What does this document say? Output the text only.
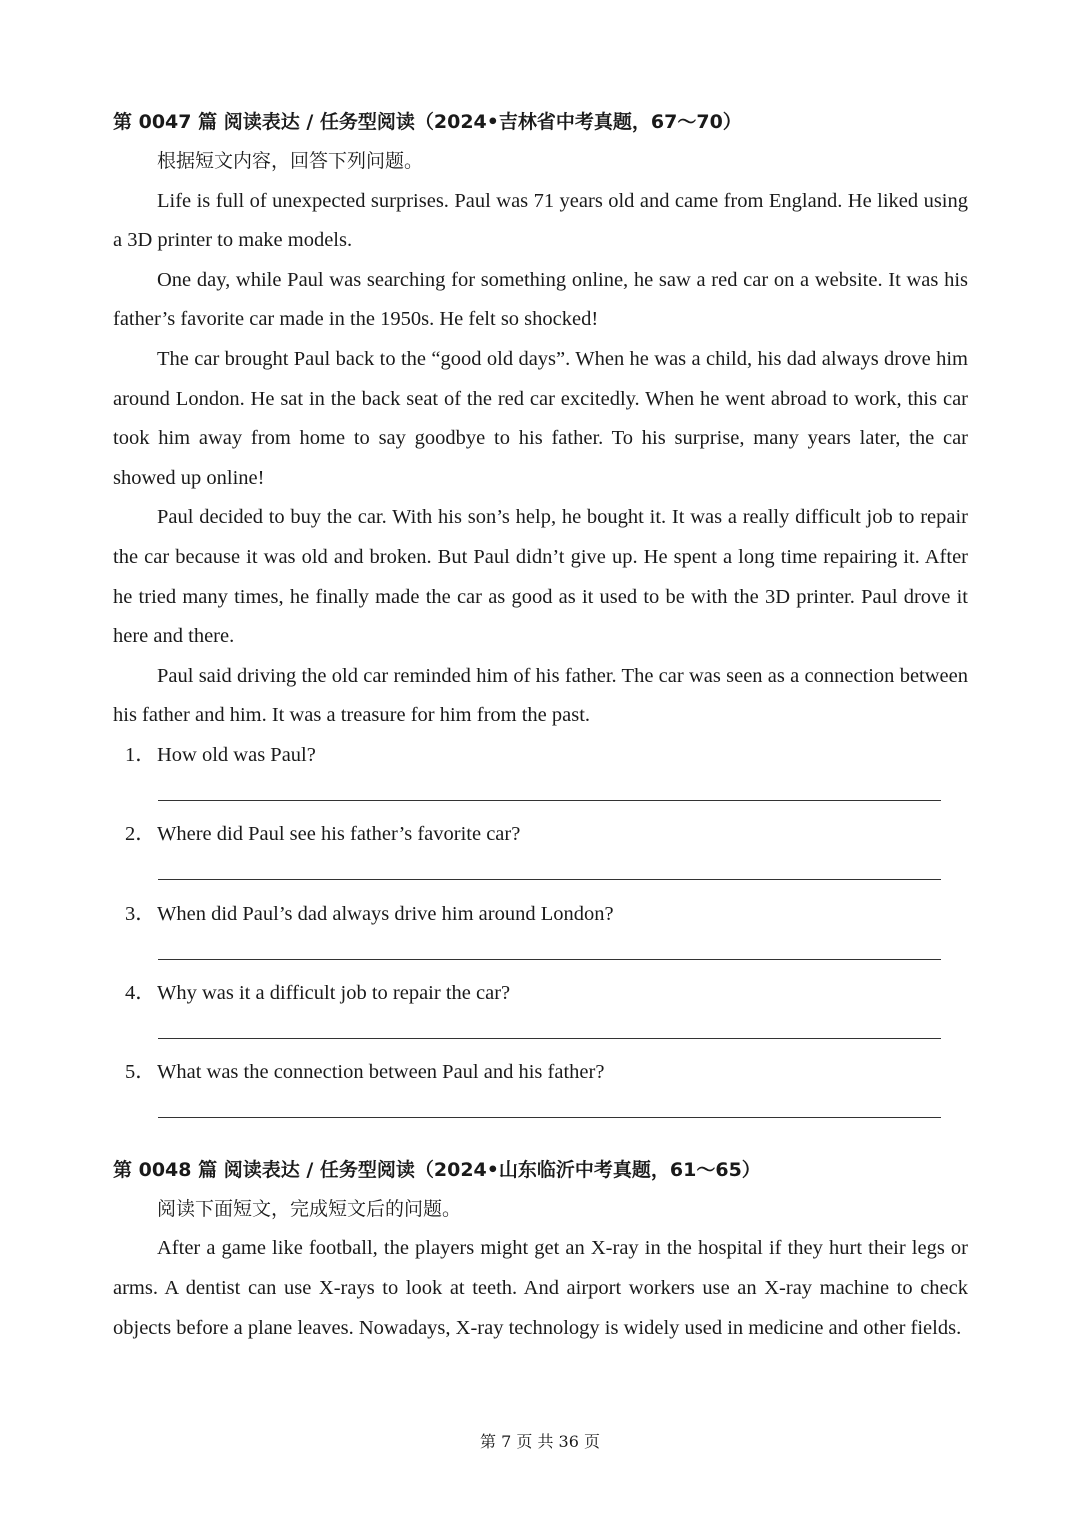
第 0047 篇 阅读表达 / 任务型阅读（2024•吉林省中考真题，67～70）

根据短文内容，回答下列问题。

Life is full of unexpected surprises. Paul was 71 years old and came from England. He liked using a 3D printer to make models.

One day, while Paul was searching for something online, he saw a red car on a website. It was his father’s favorite car made in the 1950s. He felt so shocked!

The car brought Paul back to the “good old days”. When he was a child, his dad always drove him around London. He sat in the back seat of the red car excitedly. When he went abroad to work, this car took him away from home to say goodbye to his father. To his surprise, many years later, the car showed up online!

Paul decided to buy the car. With his son’s help, he bought it. It was a really difficult job to repair the car because it was old and broken. But Paul didn’t give up. He spent a long time repairing it. After he tried many times, he finally made the car as good as it used to be with the 3D printer. Paul drove it here and there.

Paul said driving the old car reminded him of his father. The car was seen as a connection between his father and him. It was a treasure for him from the past.

1．How old was Paul?
2．Where did Paul see his father’s favorite car?
3．When did Paul’s dad always drive him around London?
4．Why was it a difficult job to repair the car?
5．What was the connection between Paul and his father?
第 0048 篇 阅读表达 / 任务型阅读（2024•山东临沂中考真题，61～65）

阅读下面短文，完成短文后的问题。

After a game like football, the players might get an X-ray in the hospital if they hurt their legs or arms. A dentist can use X-rays to look at teeth. And airport workers use an X-ray machine to check objects before a plane leaves. Nowadays, X-ray technology is widely used in medicine and other fields.

第 7 页 共 36 页
